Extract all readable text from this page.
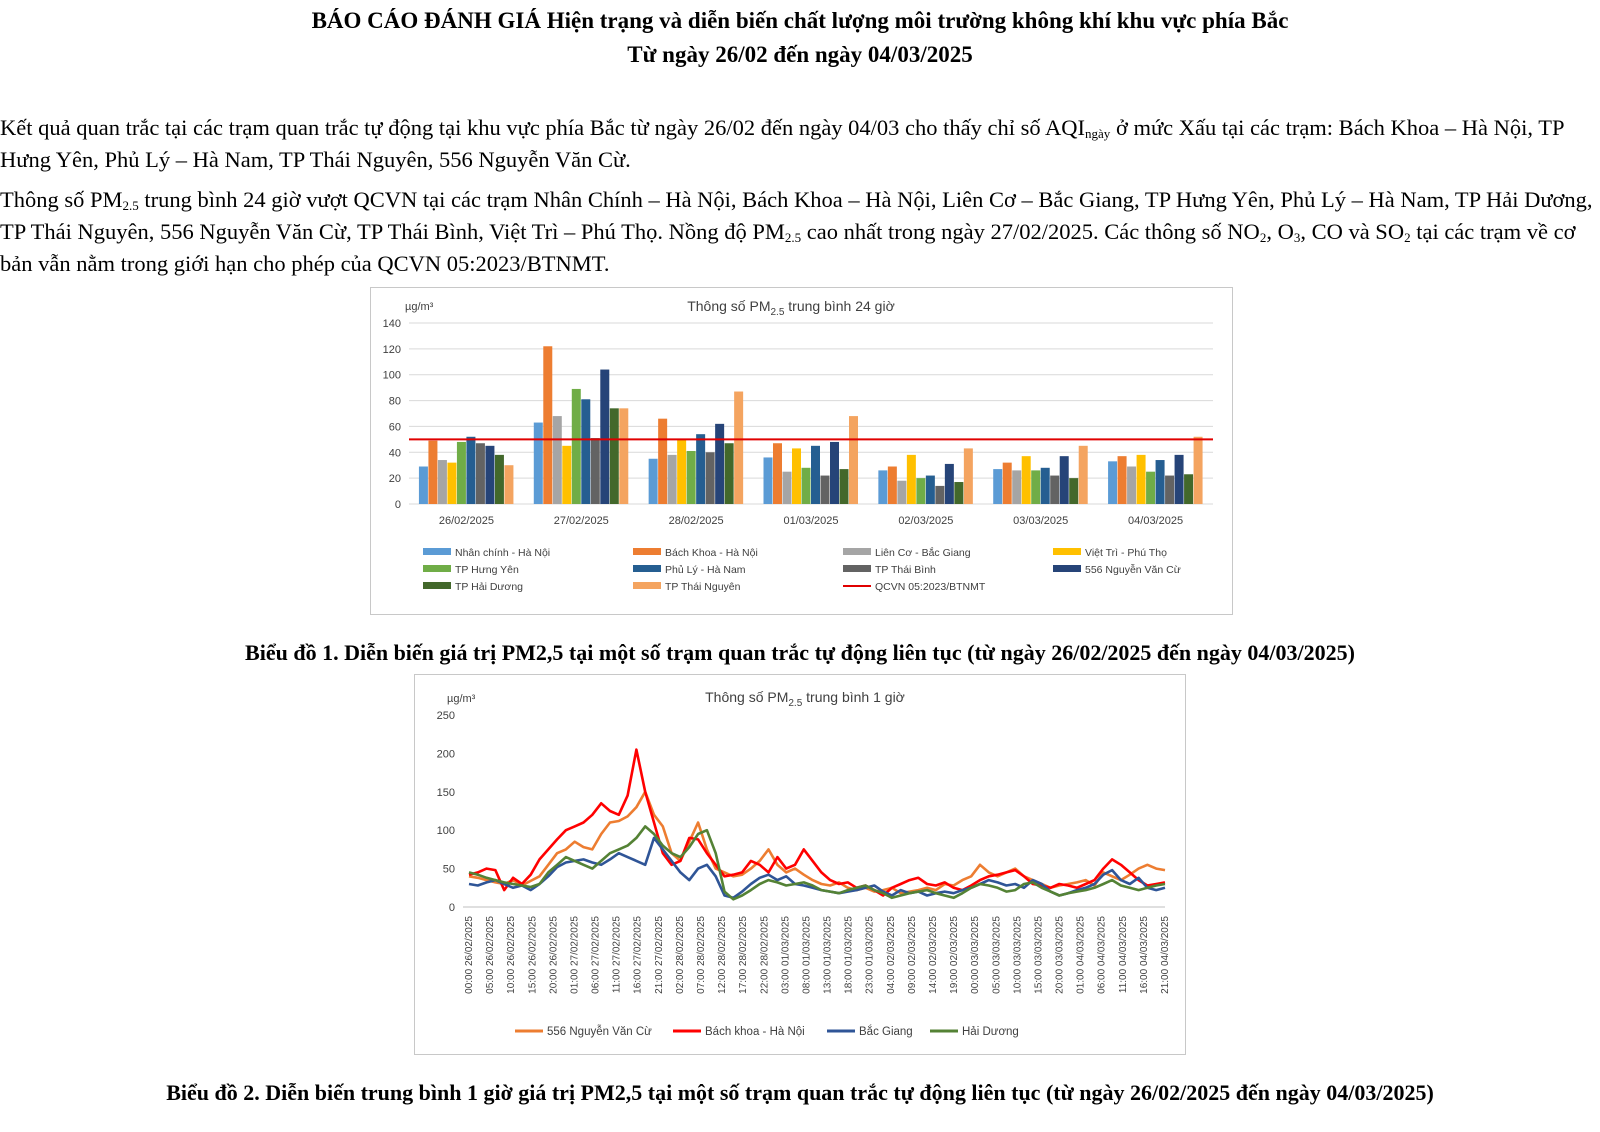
BÁO CÁO ĐÁNH GIÁ Hiện trạng và diễn biến chất lượng môi trường không khí khu vực phía Bắc
Từ ngày 26/02 đến ngày 04/03/2025
Kết quả quan trắc tại các trạm quan trắc tự động tại khu vực phía Bắc từ ngày 26/02 đến ngày 04/03 cho thấy chỉ số $AQI_{ngày}$ ở mức Xấu tại các trạm: Bách Khoa – Hà Nội, TP Hưng Yên, Phủ Lý – Hà Nam, TP Thái Nguyên, 556 Nguyễn Văn Cừ.
Thông số $PM_{2.5}$ trung bình 24 giờ vượt QCVN tại các trạm Nhân Chính – Hà Nội, Bách Khoa – Hà Nội, Liên Cơ – Bắc Giang, TP Hưng Yên, Phủ Lý – Hà Nam, TP Hải Dương, TP Thái Nguyên, 556 Nguyễn Văn Cừ, TP Thái Bình, Việt Trì – Phú Thọ. Nồng độ $PM_{2.5}$ cao nhất trong ngày 27/02/2025. Các thông số $NO_2$, $O_3$, CO và $SO_2$ tại các trạm về cơ bản vẫn nằm trong giới hạn cho phép của QCVN 05:2023/BTNMT.
Thông số $PM_{2.5}$ trung bình 24 giờ
µg/m³
0
20
40
60
80
100
120
140
26/02/2025	27/02/2025	28/02/2025	01/03/2025	02/03/2025	03/03/2025	04/03/2025
Nhân chính - Hà Nội	Bách Khoa - Hà Nội	Liên Cơ - Bắc Giang	Việt Trì - Phú Thọ
TP Hưng Yên	Phủ Lý - Hà Nam	TP Thái Bình	556 Nguyễn Văn Cừ
TP Hải Dương	TP Thái Nguyên	QCVN 05:2023/BTNMT
Biểu đồ 1. Diễn biến giá trị PM2,5 tại một số trạm quan trắc tự động liên tục (từ ngày 26/02/2025 đến ngày 04/03/2025)
Thông số $PM_{2.5}$ trung bình 1 giờ
µg/m³
0
50
100
150
200
250
00:00 26/02/2025 05:00 26/02/2025 10:00 26/02/2025 15:00 26/02/2025 20:00 26/02/2025 01:00 27/02/2025 06:00 27/02/2025 11:00 27/02/2025 16:00 27/02/2025 21:00 27/02/2025 02:00 28/02/2025 07:00 28/02/2025 12:00 28/02/2025 17:00 28/02/2025 22:00 28/02/2025 03:00 01/03/2025 08:00 01/03/2025 13:00 01/03/2025 18:00 01/03/2025 23:00 01/03/2025 04:00 02/03/2025 09:00 02/03/2025 14:00 02/03/2025 19:00 02/03/2025 00:00 03/03/2025 05:00 03/03/2025 10:00 03/03/2025 15:00 03/03/2025 20:00 03/03/2025 01:00 04/03/2025 06:00 04/03/2025 11:00 04/03/2025 16:00 04/03/2025 21:00 04/03/2025
556 Nguyễn Văn Cừ	Bách khoa - Hà Nội	Bắc Giang	Hải Dương
Biểu đồ 2. Diễn biến trung bình 1 giờ giá trị PM2,5 tại một số trạm quan trắc tự động liên tục (từ ngày 26/02/2025 đến ngày 04/03/2025)
